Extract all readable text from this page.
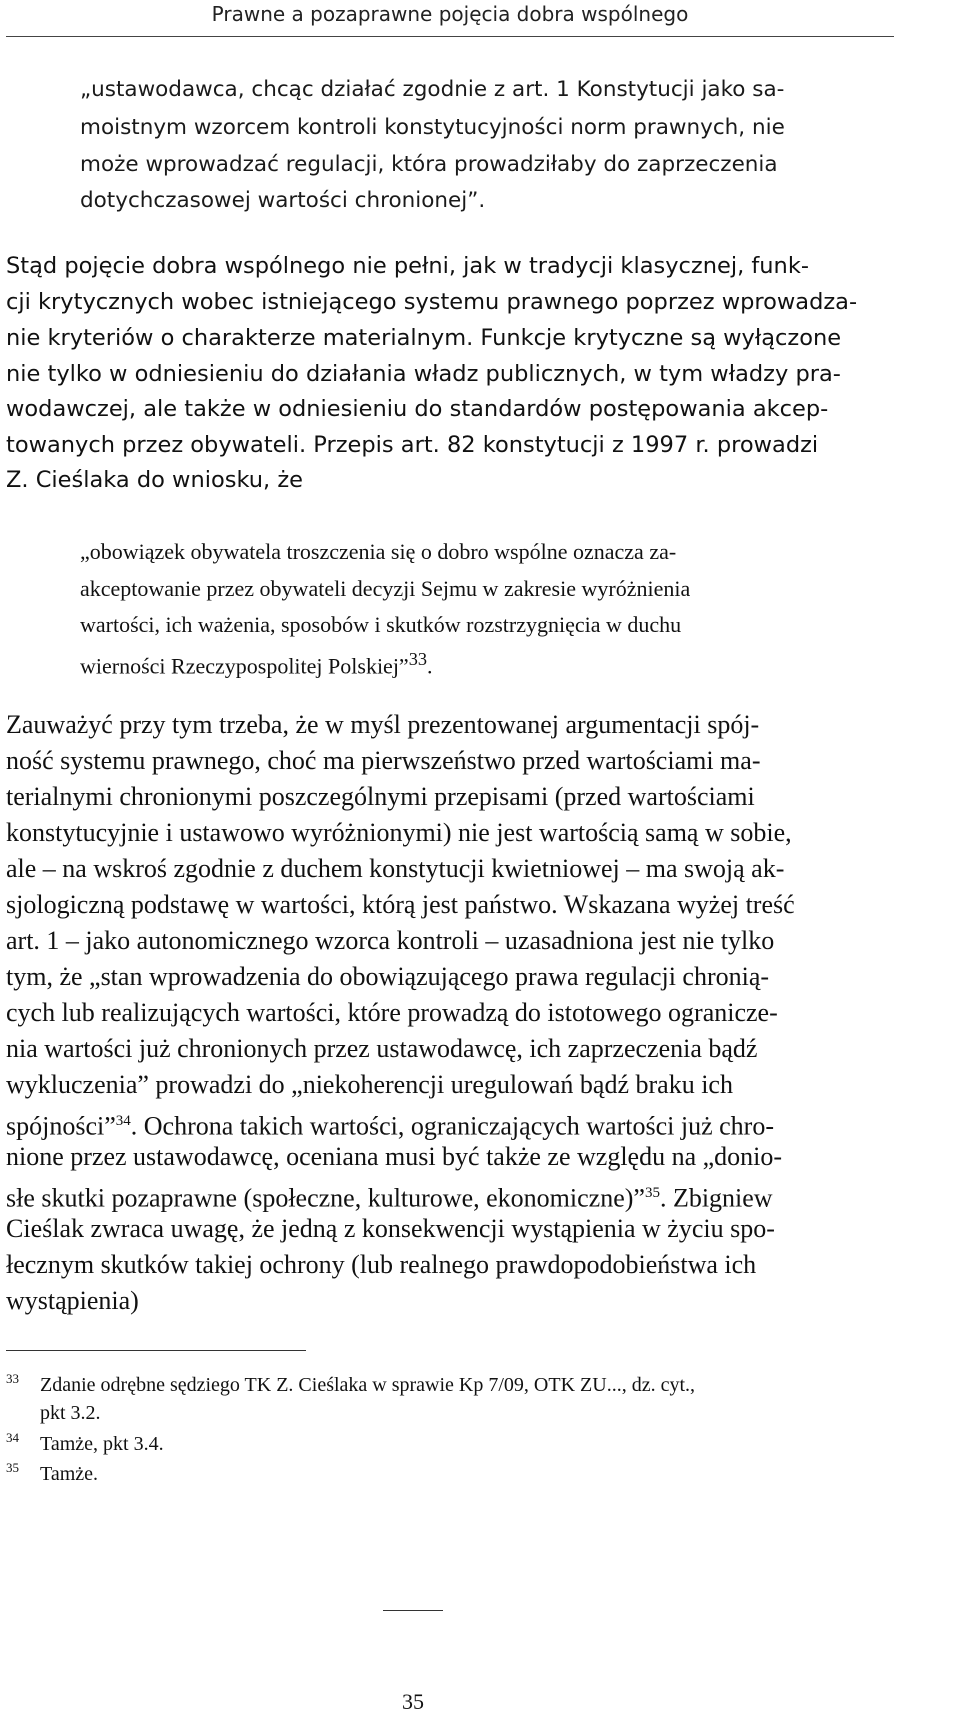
Prawne a pozaprawne pojęcia dobra wspólnego
„ustawodawca, chcąc działać zgodnie z art. 1 Konstytucji jako sa-
moistnym wzorcem kontroli konstytucyjności norm prawnych, nie
może wprowadzać regulacji, która prowadziłaby do zaprzeczenia
dotychczasowej wartości chronionej”.
Stąd pojęcie dobra wspólnego nie pełni, jak w tradycji klasycznej, funk-
cji krytycznych wobec istniejącego systemu prawnego poprzez wprowadza-
nie kryteriów o charakterze materialnym. Funkcje krytyczne są wyłączone
nie tylko w odniesieniu do działania władz publicznych, w tym władzy pra-
wodawczej, ale także w odniesieniu do standardów postępowania akcep-
towanych przez obywateli. Przepis art. 82 konstytucji z 1997 r. prowadzi
Z. Cieślaka do wniosku, że
„obowiązek obywatela troszczenia się o dobro wspólne oznacza za-
akceptowanie przez obywateli decyzji Sejmu w zakresie wyróżnienia
wartości, ich ważenia, sposobów i skutków rozstrzygnięcia w duchu
wierności Rzeczypospolitej Polskiej”$^{33}$.
Zauważyć przy tym trzeba, że w myśl prezentowanej argumentacji spój-
ność systemu prawnego, choć ma pierwszeństwo przed wartościami ma-
terialnymi chronionymi poszczególnymi przepisami (przed wartościami
konstytucyjnie i ustawowo wyróżnionymi) nie jest wartością samą w sobie,
ale – na wskroś zgodnie z duchem konstytucji kwietniowej – ma swoją ak-
sjologiczną podstawę w wartości, którą jest państwo. Wskazana wyżej treść
art. 1 – jako autonomicznego wzorca kontroli – uzasadniona jest nie tylko
tym, że „stan wprowadzenia do obowiązującego prawa regulacji chronią-
cych lub realizujących wartości, które prowadzą do istotowego ogranicze-
nia wartości już chronionych przez ustawodawcę, ich zaprzeczenia bądź
wykluczenia” prowadzi do „niekoherencji uregulowań bądź braku ich
spójności”$^{34}$. Ochrona takich wartości, ograniczających wartości już chro-
nione przez ustawodawcę, oceniana musi być także ze względu na „donio-
słe skutki pozaprawne (społeczne, kulturowe, ekonomiczne)”$^{35}$. Zbigniew
Cieślak zwraca uwagę, że jedną z konsekwencji wystąpienia w życiu spo-
łecznym skutków takiej ochrony (lub realnego prawdopodobieństwa ich
wystąpienia)
33 Zdanie odrębne sędziego TK Z. Cieślaka w sprawie Kp 7/09, OTK ZU..., dz. cyt.,
pkt 3.2.
34 Tamże, pkt 3.4.
35 Tamże.
35
